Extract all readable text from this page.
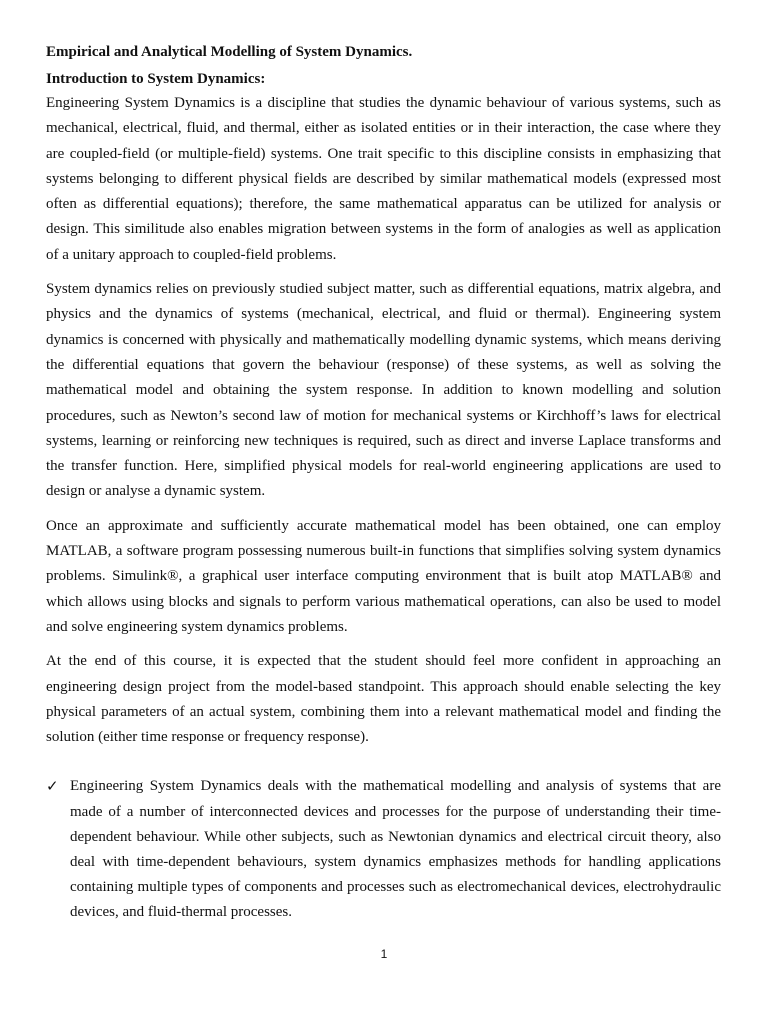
Empirical and Analytical Modelling of System Dynamics.

Introduction to System Dynamics:

Engineering System Dynamics is a discipline that studies the dynamic behaviour of various systems, such as mechanical, electrical, fluid, and thermal, either as isolated entities or in their interaction, the case where they are coupled-field (or multiple-field) systems. One trait specific to this discipline consists in emphasizing that systems belonging to different physical fields are described by similar mathematical models (expressed most often as differential equations); therefore, the same mathematical apparatus can be utilized for analysis or design. This similitude also enables migration between systems in the form of analogies as well as application of a unitary approach to coupled-field problems.

System dynamics relies on previously studied subject matter, such as differential equations, matrix algebra, and physics and the dynamics of systems (mechanical, electrical, and fluid or thermal). Engineering system dynamics is concerned with physically and mathematically modelling dynamic systems, which means deriving the differential equations that govern the behaviour (response) of these systems, as well as solving the mathematical model and obtaining the system response. In addition to known modelling and solution procedures, such as Newton’s second law of motion for mechanical systems or Kirchhoff’s laws for electrical systems, learning or reinforcing new techniques is required, such as direct and inverse Laplace transforms and the transfer function. Here, simplified physical models for real-world engineering applications are used to design or analyse a dynamic system.

Once an approximate and sufficiently accurate mathematical model has been obtained, one can employ MATLAB, a software program possessing numerous built-in functions that simplifies solving system dynamics problems. Simulink®, a graphical user interface computing environment that is built atop MATLAB® and which allows using blocks and signals to perform various mathematical operations, can also be used to model and solve engineering system dynamics problems.

At the end of this course, it is expected that the student should feel more confident in approaching an engineering design project from the model-based standpoint. This approach should enable selecting the key physical parameters of an actual system, combining them into a relevant mathematical model and finding the solution (either time response or frequency response).

✓ Engineering System Dynamics deals with the mathematical modelling and analysis of systems that are made of a number of interconnected devices and processes for the purpose of understanding their time-dependent behaviour. While other subjects, such as Newtonian dynamics and electrical circuit theory, also deal with time-dependent behaviours, system dynamics emphasizes methods for handling applications containing multiple types of components and processes such as electromechanical devices, electrohydraulic devices, and fluid-thermal processes.

1
